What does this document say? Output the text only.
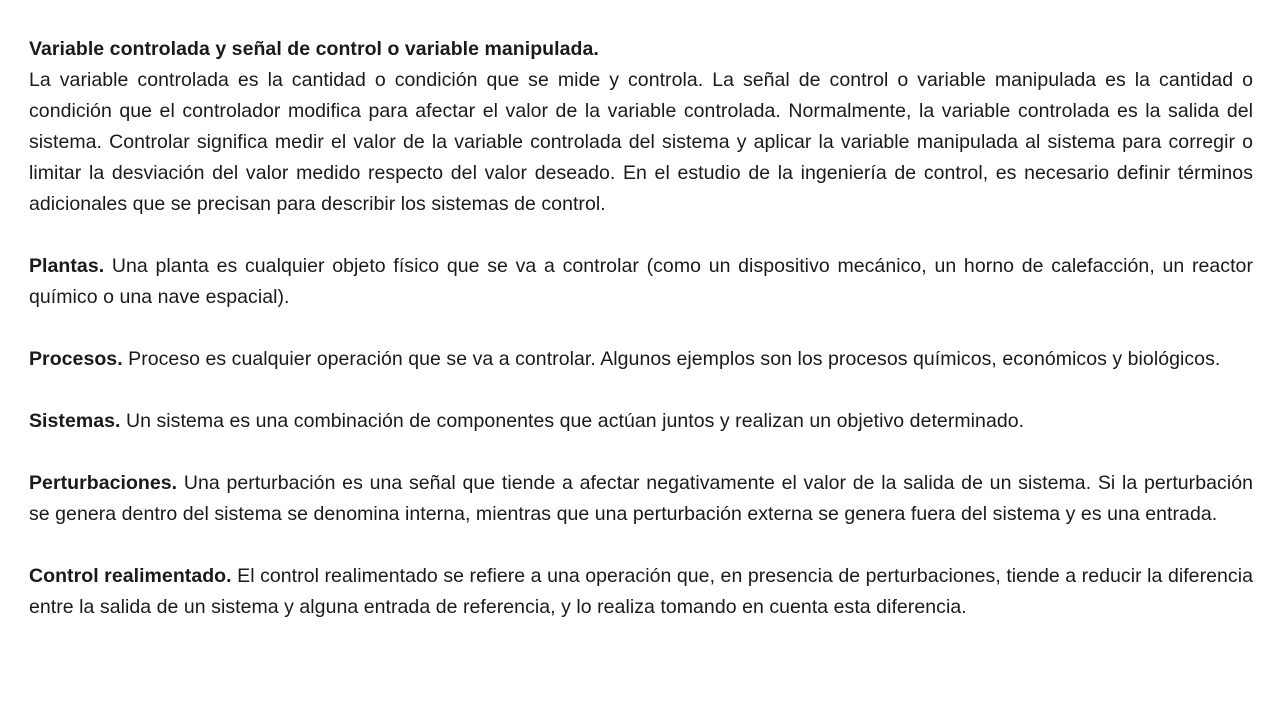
Variable controlada y señal de control o variable manipulada.
La variable controlada es la cantidad o condición que se mide y controla. La señal de control o variable manipulada es la cantidad o condición que el controlador modifica para afectar el valor de la variable controlada. Normalmente, la variable controlada es la salida del sistema. Controlar significa medir el valor de la variable controlada del sistema y aplicar la variable manipulada al sistema para corregir o limitar la desviación del valor medido respecto del valor deseado. En el estudio de la ingeniería de control, es necesario definir términos adicionales que se precisan para describir los sistemas de control.

Plantas. Una planta es cualquier objeto físico que se va a controlar (como un dispositivo mecánico, un horno de calefacción, un reactor químico o una nave espacial).

Procesos. Proceso es cualquier operación que se va a controlar. Algunos ejemplos son los procesos químicos, económicos y biológicos.

Sistemas. Un sistema es una combinación de componentes que actúan juntos y realizan un objetivo determinado.

Perturbaciones. Una perturbación es una señal que tiende a afectar negativamente el valor de la salida de un sistema. Si la perturbación se genera dentro del sistema se denomina interna, mientras que una perturbación externa se genera fuera del sistema y es una entrada.

Control realimentado. El control realimentado se refiere a una operación que, en presencia de perturbaciones, tiende a reducir la diferencia entre la salida de un sistema y alguna entrada de referencia, y lo realiza tomando en cuenta esta diferencia.
